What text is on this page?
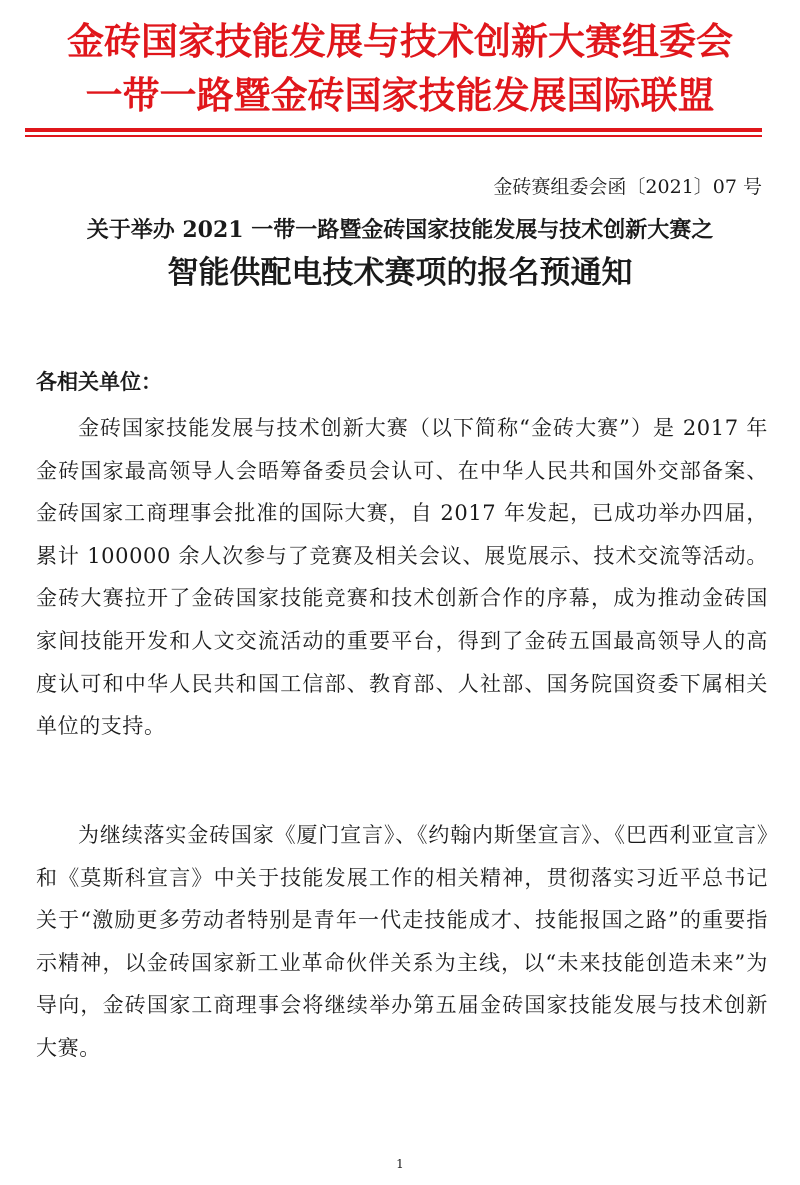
金砖国家技能发展与技术创新大赛组委会
一带一路暨金砖国家技能发展国际联盟
金砖赛组委会函〔2021〕07 号
关于举办 2021 一带一路暨金砖国家技能发展与技术创新大赛之
智能供配电技术赛项的报名预通知
各相关单位：
金砖国家技能发展与技术创新大赛（以下简称“金砖大赛”）是 2017 年金砖国家最高领导人会晤筹备委员会认可、在中华人民共和国外交部备案、金砖国家工商理事会批准的国际大赛，自 2017 年发起，已成功举办四届，累计 100000 余人次参与了竞赛及相关会议、展览展示、技术交流等活动。金砖大赛拉开了金砖国家技能竞赛和技术创新合作的序幕，成为推动金砖国家间技能开发和人文交流活动的重要平台，得到了金砖五国最高领导人的高度认可和中华人民共和国工信部、教育部、人社部、国务院国资委下属相关单位的支持。
为继续落实金砖国家《厦门宣言》、《约翰内斯堡宣言》、《巴西利亚宣言》和《莫斯科宣言》中关于技能发展工作的相关精神，贯彻落实习近平总书记关于“激励更多劳动者特别是青年一代走技能成才、技能报国之路”的重要指示精神，以金砖国家新工业革命伙伴关系为主线，以“未来技能创造未来”为导向，金砖国家工商理事会将继续举办第五届金砖国家技能发展与技术创新大赛。
1
